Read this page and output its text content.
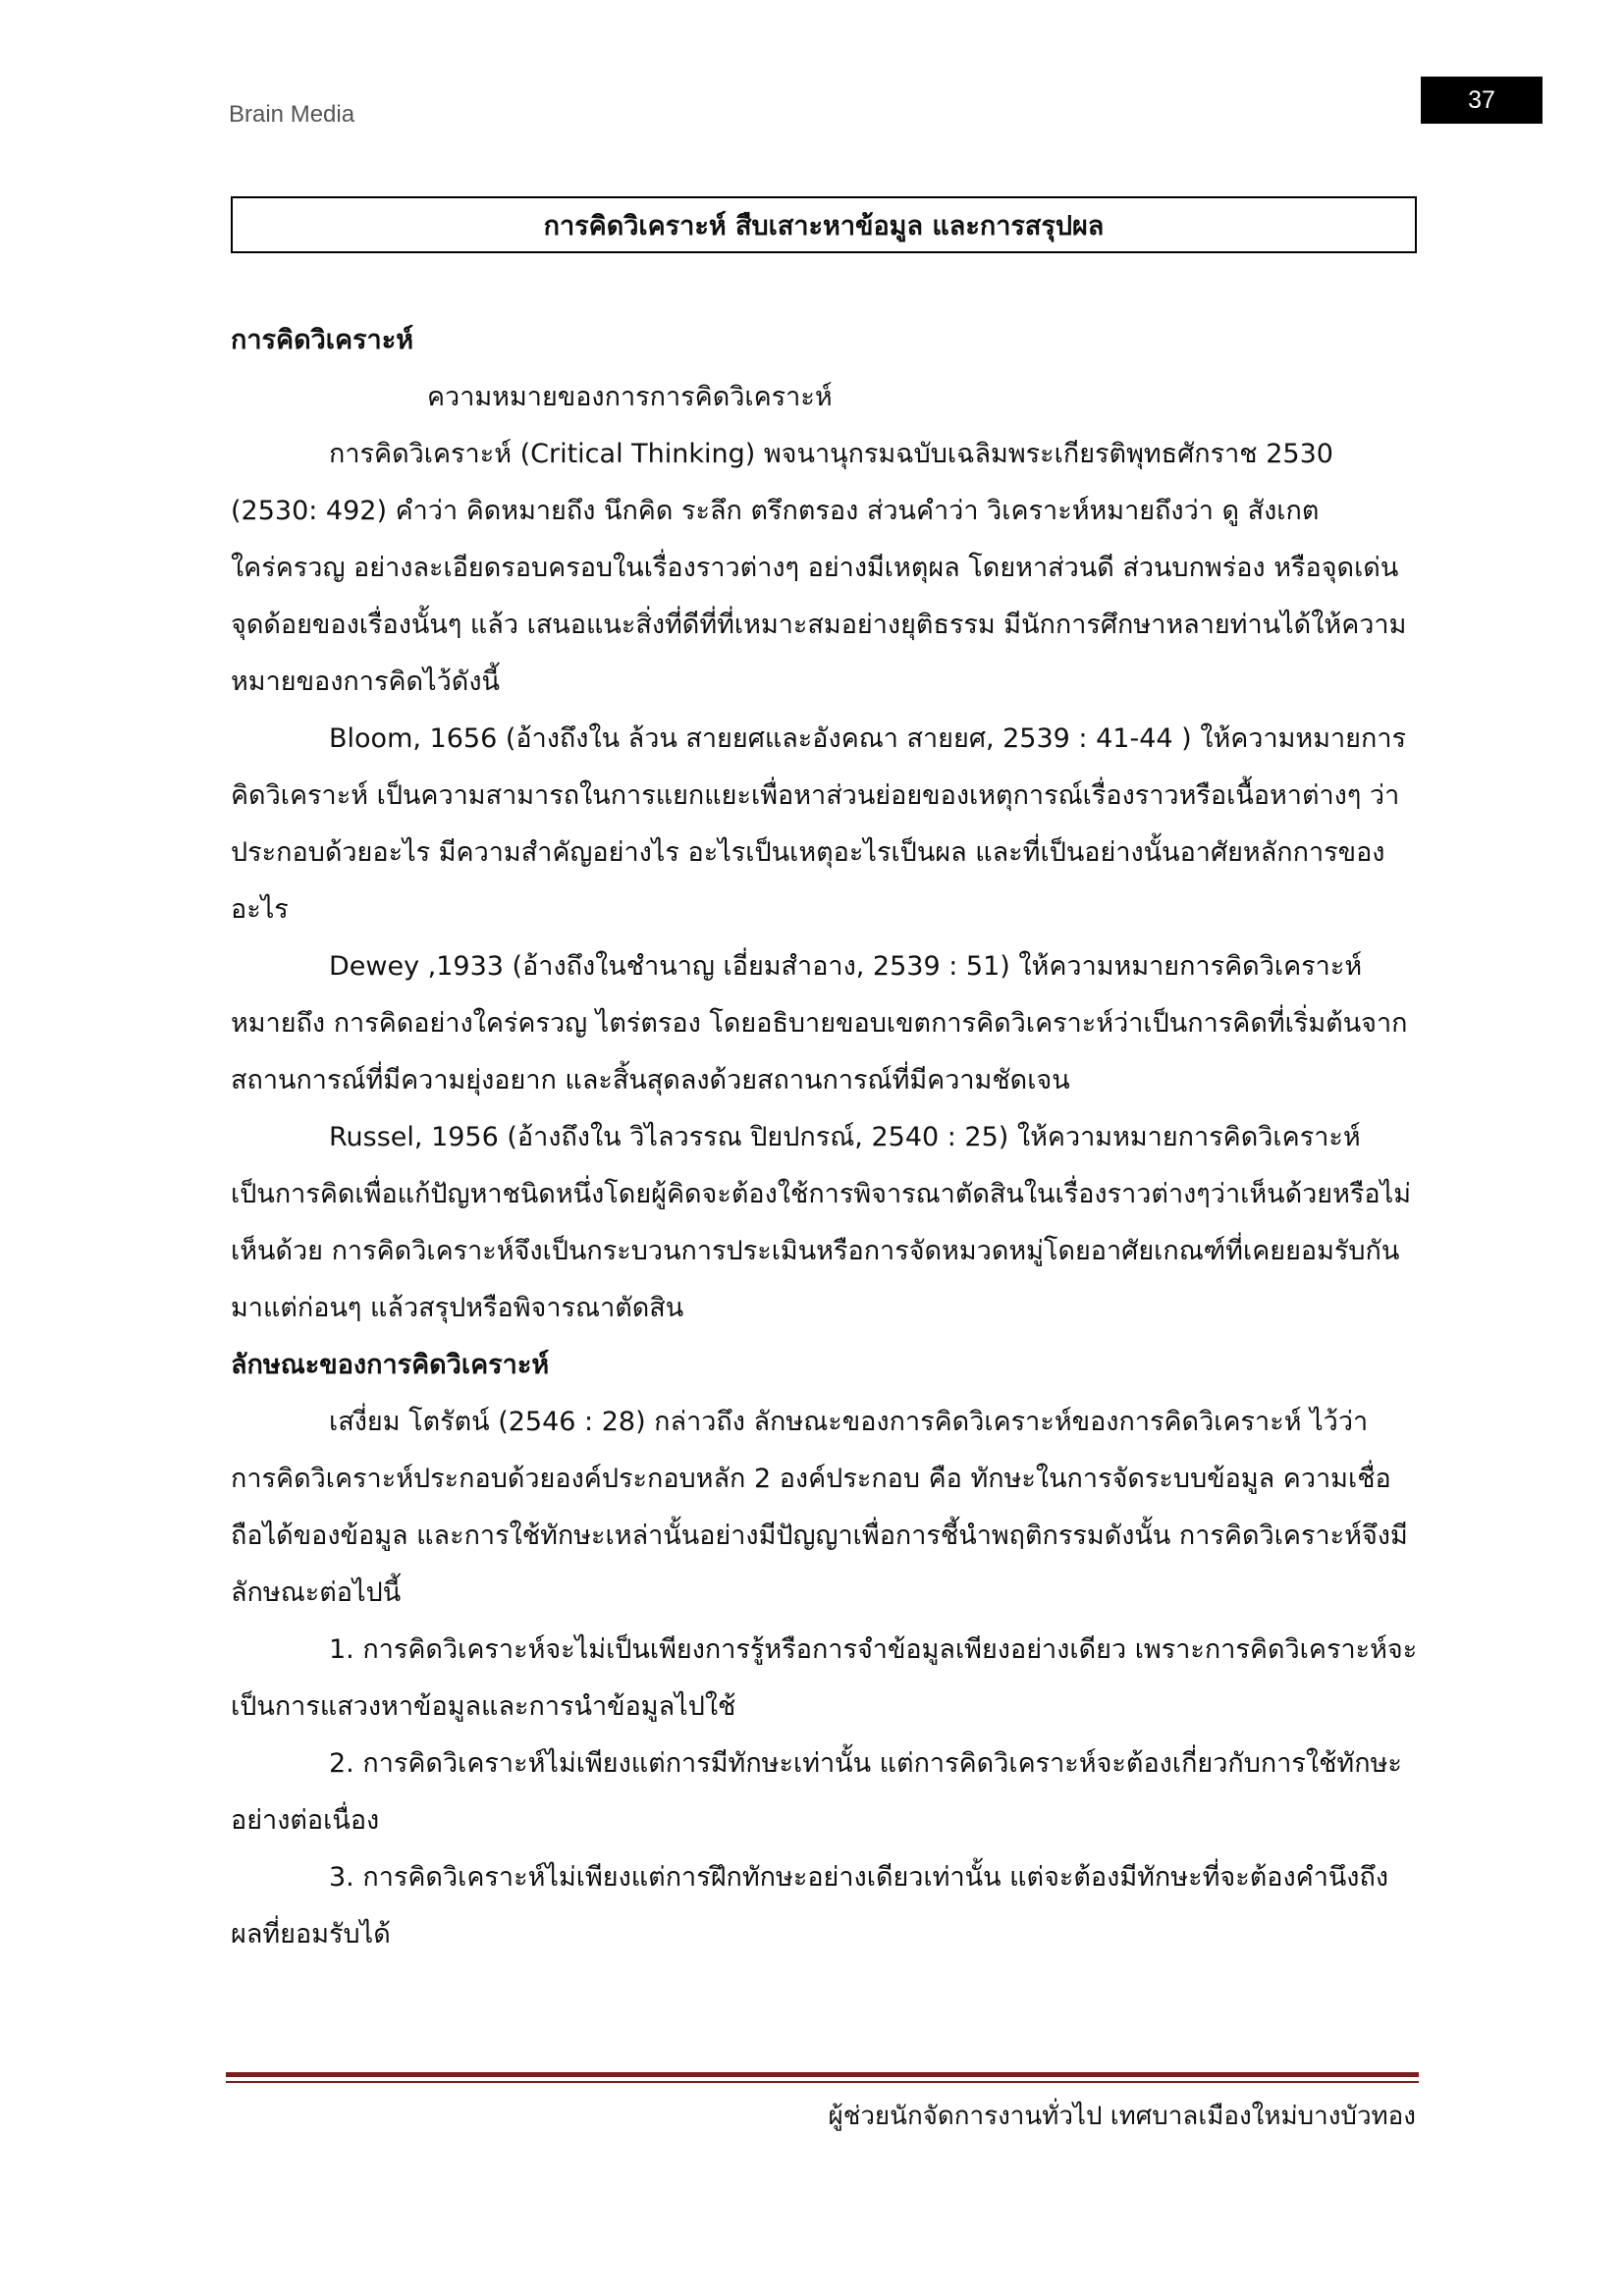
Brain Media
37
การคิดวิเคราะห์ สืบเสาะหาข้อมูล และการสรุปผล

การคิดวิเคราะห์

ความหมายของการการคิดวิเคราะห์

การคิดวิเคราะห์ (Critical Thinking) พจนานุกรมฉบับเฉลิมพระเกียรติพุทธศักราช 2530 (2530: 492) คำว่า คิดหมายถึง นึกคิด ระลึก ตรึกตรอง ส่วนคำว่า วิเคราะห์หมายถึงว่า ดู สังเกต ใคร่ครวญ อย่างละเอียดรอบครอบในเรื่องราวต่างๆ อย่างมีเหตุผล โดยหาส่วนดี ส่วนบกพร่อง หรือจุดเด่นจุดด้อยของเรื่องนั้นๆ แล้ว เสนอแนะสิ่งที่ดีที่ที่เหมาะสมอย่างยุติธรรม มีนักการศึกษาหลายท่านได้ให้ความหมายของการคิดไว้ดังนี้

Bloom, 1656 (อ้างถึงใน ล้วน สายยศและอังคณา สายยศ, 2539 : 41-44 ) ให้ความหมายการคิดวิเคราะห์ เป็นความสามารถในการแยกแยะเพื่อหาส่วนย่อยของเหตุการณ์เรื่องราวหรือเนื้อหาต่างๆ ว่าประกอบด้วยอะไร มีความสำคัญอย่างไร อะไรเป็นเหตุอะไรเป็นผล และที่เป็นอย่างนั้นอาศัยหลักการของอะไร

Dewey ,1933 (อ้างถึงในชำนาญ เอี่ยมสำอาง, 2539 : 51) ให้ความหมายการคิดวิเคราะห์หมายถึง การคิดอย่างใคร่ครวญ ไตร่ตรอง โดยอธิบายขอบเขตการคิดวิเคราะห์ว่าเป็นการคิดที่เริ่มต้นจากสถานการณ์ที่มีความยุ่งอยาก และสิ้นสุดลงด้วยสถานการณ์ที่มีความชัดเจน

Russel, 1956 (อ้างถึงใน วิไลวรรณ ปิยปกรณ์, 2540 : 25) ให้ความหมายการคิดวิเคราะห์เป็นการคิดเพื่อแก้ปัญหาชนิดหนึ่งโดยผู้คิดจะต้องใช้การพิจารณาตัดสินในเรื่องราวต่างๆว่าเห็นด้วยหรือไม่เห็นด้วย การคิดวิเคราะห์จึงเป็นกระบวนการประเมินหรือการจัดหมวดหมู่โดยอาศัยเกณฑ์ที่เคยยอมรับกันมาแต่ก่อนๆ แล้วสรุปหรือพิจารณาตัดสิน

ลักษณะของการคิดวิเคราะห์

เสงี่ยม โตรัตน์ (2546 : 28) กล่าวถึง ลักษณะของการคิดวิเคราะห์ของการคิดวิเคราะห์ ไว้ว่า การคิดวิเคราะห์ประกอบด้วยองค์ประกอบหลัก 2 องค์ประกอบ คือ ทักษะในการจัดระบบข้อมูล ความเชื่อถือได้ของข้อมูล และการใช้ทักษะเหล่านั้นอย่างมีปัญญาเพื่อการชี้นำพฤติกรรมดังนั้น การคิดวิเคราะห์จึงมีลักษณะต่อไปนี้

1. การคิดวิเคราะห์จะไม่เป็นเพียงการรู้หรือการจำข้อมูลเพียงอย่างเดียว เพราะการคิดวิเคราะห์จะเป็นการแสวงหาข้อมูลและการนำข้อมูลไปใช้

2. การคิดวิเคราะห์ไม่เพียงแต่การมีทักษะเท่านั้น แต่การคิดวิเคราะห์จะต้องเกี่ยวกับการใช้ทักษะอย่างต่อเนื่อง

3. การคิดวิเคราะห์ไม่เพียงแต่การฝึกทักษะอย่างเดียวเท่านั้น แต่จะต้องมีทักษะที่จะต้องคำนึงถึงผลที่ยอมรับได้

ผู้ช่วยนักจัดการงานทั่วไป เทศบาลเมืองใหม่บางบัวทอง
